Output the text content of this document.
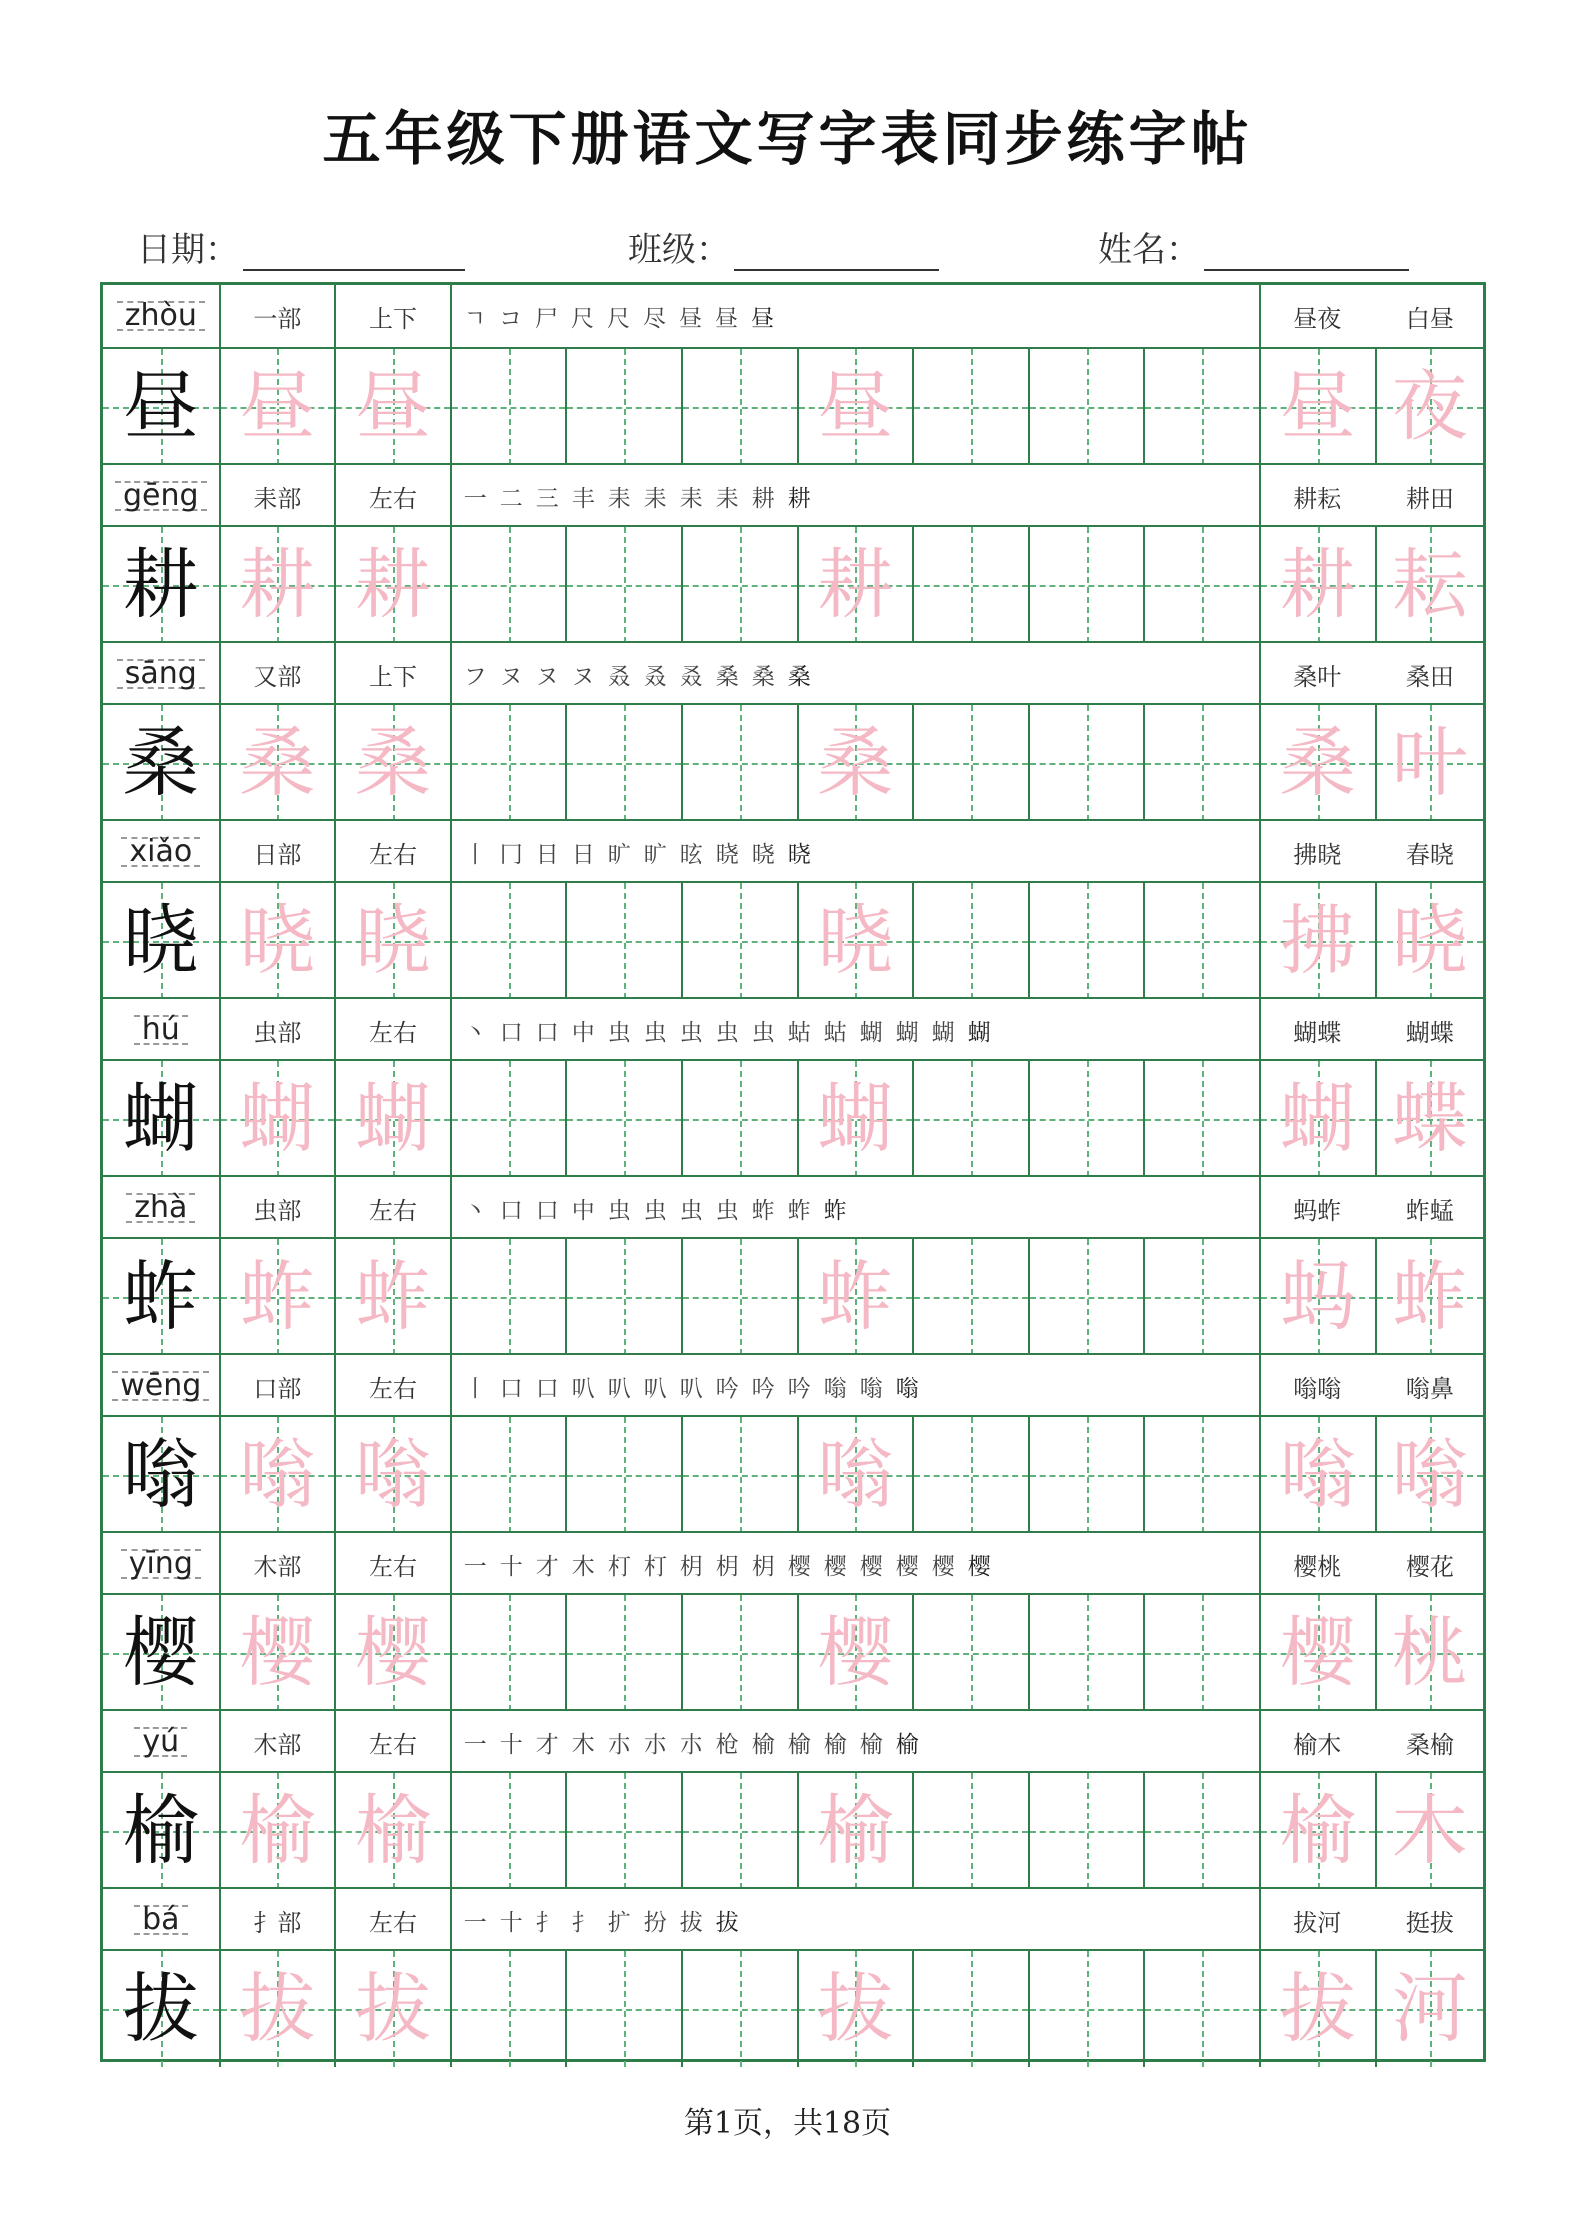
五年级下册语文写字表同步练字帖
日期：	班级：	姓名：
zhòu	一部	上下	ㄱ コ 尸 尺 尺 尽 昼 昼 昼	昼夜	白昼
昼 昼 昼	昼	昼 夜
gēng	耒部	左右	一 二 三 丰 耒 耒 耒 耒 耕 耕	耕耘	耕田
耕 耕 耕	耕	耕 耘
sāng	又部	上下	フ ヌ ヌ ヌ 叒 叒 叒 桑 桑 桑	桑叶	桑田
桑 桑 桑	桑	桑 叶
xiǎo	日部	左右	丨 冂 日 日 旷 旷 昡 晓 晓 晓	拂晓	春晓
晓 晓 晓	晓	拂 晓
hú	虫部	左右	丶 口 口 中 虫 虫 虫 虫 虫 蛄 蛄 蝴 蝴 蝴 蝴	蝴蝶	蝴蝶
蝴 蝴 蝴	蝴	蝴 蝶
zhà	虫部	左右	丶 口 口 中 虫 虫 虫 虫 蚱 蚱 蚱	蚂蚱	蚱蜢
蚱 蚱 蚱	蚱	蚂 蚱
wēng	口部	左右	丨 口 口 叭 叭 叭 叭 吟 吟 吟 嗡 嗡 嗡	嗡嗡	嗡鼻
嗡 嗡 嗡	嗡	嗡 嗡
yīng	木部	左右	一 十 才 木 朾 朾 枂 枂 枂 樱 樱 樱 樱 樱 樱	樱桃	樱花
樱 樱 樱	樱	樱 桃
yú	木部	左右	一 十 才 木 朩 朩 朩 枪 榆 榆 榆 榆 榆	榆木	桑榆
榆 榆 榆	榆	榆 木
bá	扌部	左右	一 十 扌 扌 扩 扮 拔 拔	拔河	挺拔
拔 拔 拔	拔	拔 河
第1页，共18页
